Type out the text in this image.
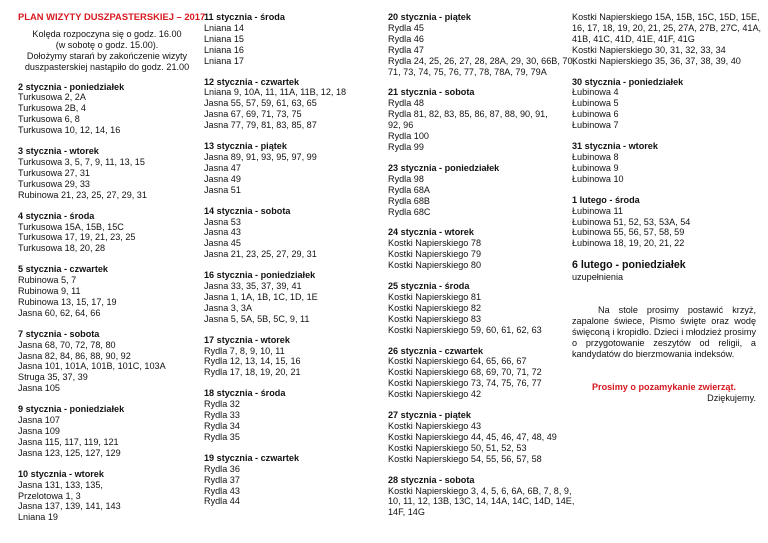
PLAN WIZYTY DUSZPASTERSKIEJ – 2017
Kolęda rozpoczyna się o godz. 16.00
(w sobotę o godz. 15.00).
Dołożymy starań by zakończenie wizyty
duszpasterskiej nastąpiło do godz. 21.00
2 stycznia - poniedziałek
Turkusowa 2, 2A
Turkusowa 2B, 4
Turkusowa 6, 8
Turkusowa 10, 12, 14, 16
3 stycznia - wtorek
Turkusowa 3, 5, 7, 9, 11, 13, 15
Turkusowa 27, 31
Turkusowa 29, 33
Rubinowa 21, 23, 25, 27, 29, 31
4 stycznia - środa
Turkusowa 15A, 15B, 15C
Turkusowa 17, 19, 21, 23, 25
Turkusowa 18, 20, 28
5 stycznia - czwartek
Rubinowa 5, 7
Rubinowa 9, 11
Rubinowa 13, 15, 17, 19
Jasna 60, 62, 64, 66
7 stycznia - sobota
Jasna 68, 70, 72, 78, 80
Jasna 82, 84, 86, 88, 90, 92
Jasna 101, 101A, 101B, 101C, 103A
Struga 35, 37, 39
Jasna 105
9 stycznia - poniedziałek
Jasna 107
Jasna 109
Jasna 115, 117, 119, 121
Jasna 123, 125, 127, 129
10 stycznia - wtorek
Jasna 131, 133, 135,
Przelotowa 1, 3
Jasna 137, 139, 141, 143
Lniana 19
11 stycznia - środa
Lniana 14
Lniana 15
Lniana 16
Lniana 17
12 stycznia - czwartek
Lniana 9, 10A, 11, 11A, 11B, 12, 18
Jasna 55, 57, 59, 61, 63, 65
Jasna 67, 69, 71, 73, 75
Jasna 77, 79, 81, 83, 85, 87
13 stycznia - piątek
Jasna 89, 91, 93, 95, 97, 99
Jasna 47
Jasna 49
Jasna 51
14 stycznia - sobota
Jasna 53
Jasna 43
Jasna 45
Jasna 21, 23, 25, 27, 29, 31
16 stycznia - poniedziałek
Jasna 33, 35, 37, 39, 41
Jasna 1, 1A, 1B, 1C, 1D, 1E
Jasna 3, 3A
Jasna 5, 5A, 5B, 5C, 9, 11
17 stycznia - wtorek
Rydla 7, 8, 9, 10, 11
Rydla 12, 13, 14, 15, 16
Rydla 17, 18, 19, 20, 21
18 stycznia - środa
Rydla 32
Rydla 33
Rydla 34
Rydla 35
19 stycznia - czwartek
Rydla 36
Rydla 37
Rydla 43
Rydla 44
20 stycznia - piątek
Rydla 45
Rydla 46
Rydla 47
Rydla 24, 25, 26, 27, 28, 28A, 29, 30, 66B, 70,
71, 73, 74, 75, 76, 77, 78, 78A, 79, 79A
21 stycznia - sobota
Rydla 48
Rydla 81, 82, 83, 85, 86, 87, 88, 90, 91,
92, 96
Rydla 100
Rydla 99
23 stycznia - poniedziałek
Rydla 98
Rydla 68A
Rydla 68B
Rydla 68C
24 stycznia - wtorek
Kostki Napierskiego 78
Kostki Napierskiego 79
Kostki Napierskiego 80
25 stycznia - środa
Kostki Napierskiego 81
Kostki Napierskiego 82
Kostki Napierskiego 83
Kostki Napierskiego 59, 60, 61, 62, 63
26 stycznia - czwartek
Kostki Napierskiego 64, 65, 66, 67
Kostki Napierskiego 68, 69, 70, 71, 72
Kostki Napierskiego 73, 74, 75, 76, 77
Kostki Napierskiego 42
27 stycznia - piątek
Kostki Napierskiego 43
Kostki Napierskiego 44, 45, 46, 47, 48, 49
Kostki Napierskiego 50, 51, 52, 53
Kostki Napierskiego 54, 55, 56, 57, 58
28 stycznia - sobota
Kostki Napierskiego 3, 4, 5, 6, 6A, 6B, 7, 8, 9,
10, 11, 12, 13B, 13C, 14, 14A, 14C, 14D, 14E,
14F, 14G
Kostki Napierskiego 15A, 15B, 15C, 15D, 15E,
16, 17, 18, 19, 20, 21, 25, 27A, 27B, 27C, 41A,
41B, 41C, 41D, 41E, 41F, 41G
Kostki Napierskiego 30, 31, 32, 33, 34
Kostki Napierskiego 35, 36, 37, 38, 39, 40
30 stycznia - poniedziałek
Łubinowa 4
Łubinowa 5
Łubinowa 6
Łubinowa 7
31 stycznia - wtorek
Łubinowa 8
Łubinowa 9
Łubinowa 10
1 lutego - środa
Łubinowa 11
Łubinowa 51, 52, 53, 53A, 54
Łubinowa 55, 56, 57, 58, 59
Łubinowa 18, 19, 20, 21, 22
6 lutego - poniedziałek
uzupełnienia
Na stole prosimy postawić krzyż, zapalone świece, Pismo święte oraz wodę święconą i kropidło. Dzieci i młodzież prosimy o przygotowanie zeszytów od religii, a kandydatów do bierzmowania indeksów.
Prosimy o pozamykanie zwierząt.
Dziękujemy.
